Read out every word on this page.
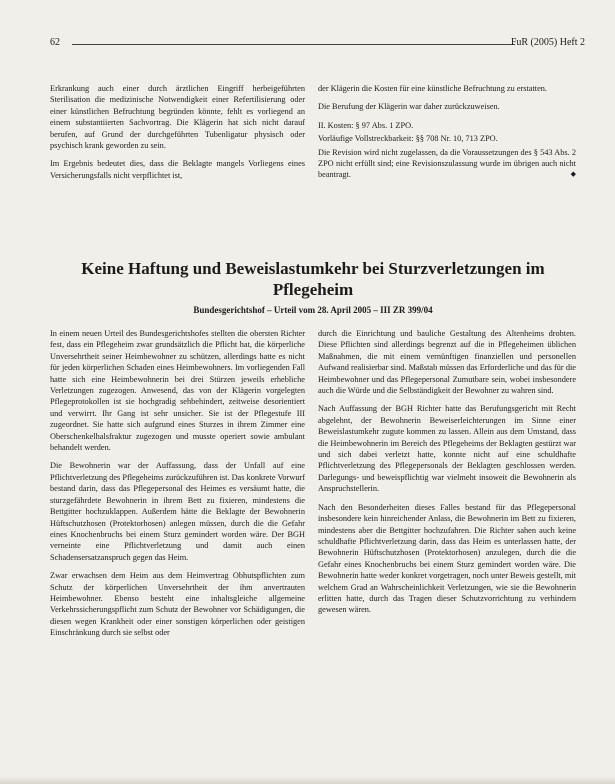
62	FuR (2005) Heft 2

Erkrankung auch einer durch ärztlichen Eingriff herbeigeführten Sterilisation die medizinische Notwendigkeit einer Refertilisierung oder einer künstlichen Befruchtung begründen könnte, fehlt es vorliegend an einem substantiierten Sachvortrag. Die Klägerin hat sich nicht darauf berufen, auf Grund der durchgeführten Tubenligatur physisch oder psychisch krank geworden zu sein.

Im Ergebnis bedeutet dies, dass die Beklagte mangels Vorliegens eines Versicherungsfalls nicht verpflichtet ist,

der Klägerin die Kosten für eine künstliche Befruchtung zu erstatten.

Die Berufung der Klägerin war daher zurückzuweisen.

II. Kosten: § 97 Abs. 1 ZPO.

Vorläufige Vollstreckbarkeit: §§ 708 Nr. 10, 713 ZPO.

Die Revision wird nicht zugelassen, da die Voraussetzungen des § 543 Abs. 2 ZPO nicht erfüllt sind; eine Revisionszulassung wurde im übrigen auch nicht beantragt.	◆

Keine Haftung und Beweislastumkehr bei Sturzverletzungen im Pflegeheim
Bundesgerichtshof – Urteil vom 28. April 2005 – III ZR 399/04

In einem neuen Urteil des Bundesgerichtshofes stellten die obersten Richter fest, dass ein Pflegeheim zwar grundsätzlich die Pflicht hat, die körperliche Unversehrtheit seiner Heimbewohner zu schützen, allerdings hatte es nicht für jeden körperlichen Schaden eines Heimbewohners. Im vorliegenden Fall hatte sich eine Heimbewohnerin bei drei Stürzen jeweils erhebliche Verletzungen zugezogen. Anwesend, das von der Klägerin vorgelegten Pflegeprotokollen ist sie hochgradig sehbehindert, zeitweise desorientiert und verwirrt. Ihr Gang ist sehr unsicher. Sie ist der Pflegestufe III zugeordnet. Sie hatte sich aufgrund eines Sturzes in ihrem Zimmer eine Oberschenkelhalsfraktur zugezogen und musste operiert sowie ambulant behandelt werden.

Die Bewohnerin war der Auffassung, dass der Unfall auf eine Pflichtverletzung des Pflegeheims zurückzuführen ist. Das konkrete Vorwurf bestand darin, dass das Pflegepersonal des Heimes es versäumt hatte, die sturzgefährdete Bewohnerin in ihrem Bett zu fixieren, mindestens die Bettgitter hochzuklappen. Außerdem hätte die Beklagte der Bewohnerin Hüftschutzhosen (Protektorhosen) anlegen müssen, durch die die Gefahr eines Knochenbruchs bei einem Sturz gemindert worden wäre. Der BGH verneinte eine Pflichtverletzung und damit auch einen Schadensersatzanspruch gegen das Heim.

Zwar erwachsen dem Heim aus dem Heimvertrag Obhutspflichten zum Schutz der körperlichen Unversehrtheit der ihm anvertrauten Heimbewohner. Ebenso besteht eine inhaltsgleiche allgemeine Verkehrssicherungspflicht zum Schutz der Bewohner vor Schädigungen, die diesen wegen Krankheit oder einer sonstigen körperlichen oder geistigen Einschränkung durch sie selbst oder

durch die Einrichtung und bauliche Gestaltung des Altenheims drohten. Diese Pflichten sind allerdings begrenzt auf die in Pflegeheimen üblichen Maßnahmen, die mit einem vernünftigen finanziellen und personellen Aufwand realisierbar sind. Maßstab müssen das Erforderliche und das für die Heimbewohner und das Pflegepersonal Zumutbare sein, wobei insbesondere auch die Würde und die Selbständigkeit der Bewohner zu wahren sind.

Nach Auffassung der BGH Richter hatte das Berufungsgericht mit Recht abgelehnt, der Bewohnerin Beweiserleichterungen im Sinne einer Beweislastumkehr zugute kommen zu lassen. Allein aus dem Umstand, dass die Heimbewohnerin im Bereich des Pflegeheims der Beklagten gestürzt war und sich dabei verletzt hatte, konnte nicht auf eine schuldhafte Pflichtverletzung des Pflegepersonals der Beklagten geschlossen werden. Darlegungs- und beweispflichtig war vielmeht insoweit die Bewohnerin als Anspruchstellerin.

Nach den Besonderheiten dieses Falles bestand für das Pflegepersonal insbesondere kein hinreichender Anlass, die Bewohnerin im Bett zu fixieren, mindestens aber die Bettgitter hochzufahren. Die Richter sahen auch keine schuldhafte Pflichtverletzung darin, dass das Heim es unterlassen hatte, der Bewohnerin Hüftschutzhosen (Protektorhosen) anzulegen, durch die die Gefahr eines Knochenbruchs bei einem Sturz gemindert worden wäre. Die Bewohnerin hatte weder konkret vorgetragen, noch unter Beweis gestellt, mit welchem Grad an Wahrscheinlichkeit Verletzungen, wie sie die Bewohnerin erlitten hatte, durch das Tragen dieser Schutzvorrichtung zu verhindern gewesen wären.
